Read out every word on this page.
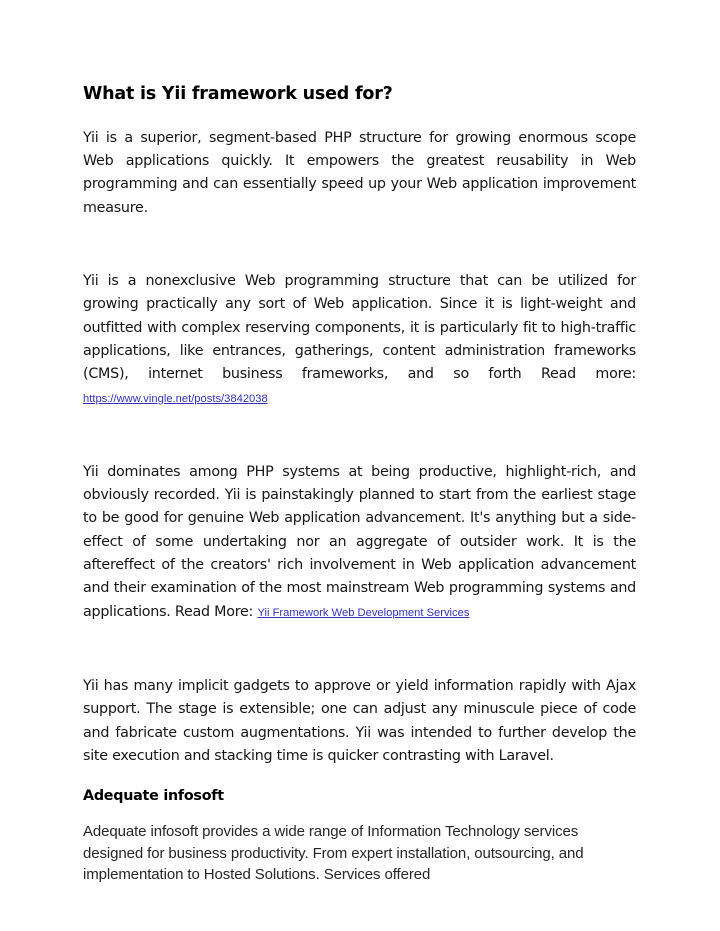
What is Yii framework used for?

Yii is a superior, segment-based PHP structure for growing enormous scope Web applications quickly. It empowers the greatest reusability in Web programming and can essentially speed up your Web application improvement measure.

Yii is a nonexclusive Web programming structure that can be utilized for growing practically any sort of Web application. Since it is light-weight and outfitted with complex reserving components, it is particularly fit to high-traffic applications, like entrances, gatherings, content administration frameworks (CMS), internet business frameworks, and so forth Read more: https://www.vingle.net/posts/3842038

Yii dominates among PHP systems at being productive, highlight-rich, and obviously recorded. Yii is painstakingly planned to start from the earliest stage to be good for genuine Web application advancement. It's anything but a side-effect of some undertaking nor an aggregate of outsider work. It is the aftereffect of the creators' rich involvement in Web application advancement and their examination of the most mainstream Web programming systems and applications. Read More: Yii Framework Web Development Services

Yii has many implicit gadgets to approve or yield information rapidly with Ajax support. The stage is extensible; one can adjust any minuscule piece of code and fabricate custom augmentations. Yii was intended to further develop the site execution and stacking time is quicker contrasting with Laravel.

Adequate infosoft

Adequate infosoft provides a wide range of Information Technology services designed for business productivity. From expert installation, outsourcing, and implementation to Hosted Solutions. Services offered
